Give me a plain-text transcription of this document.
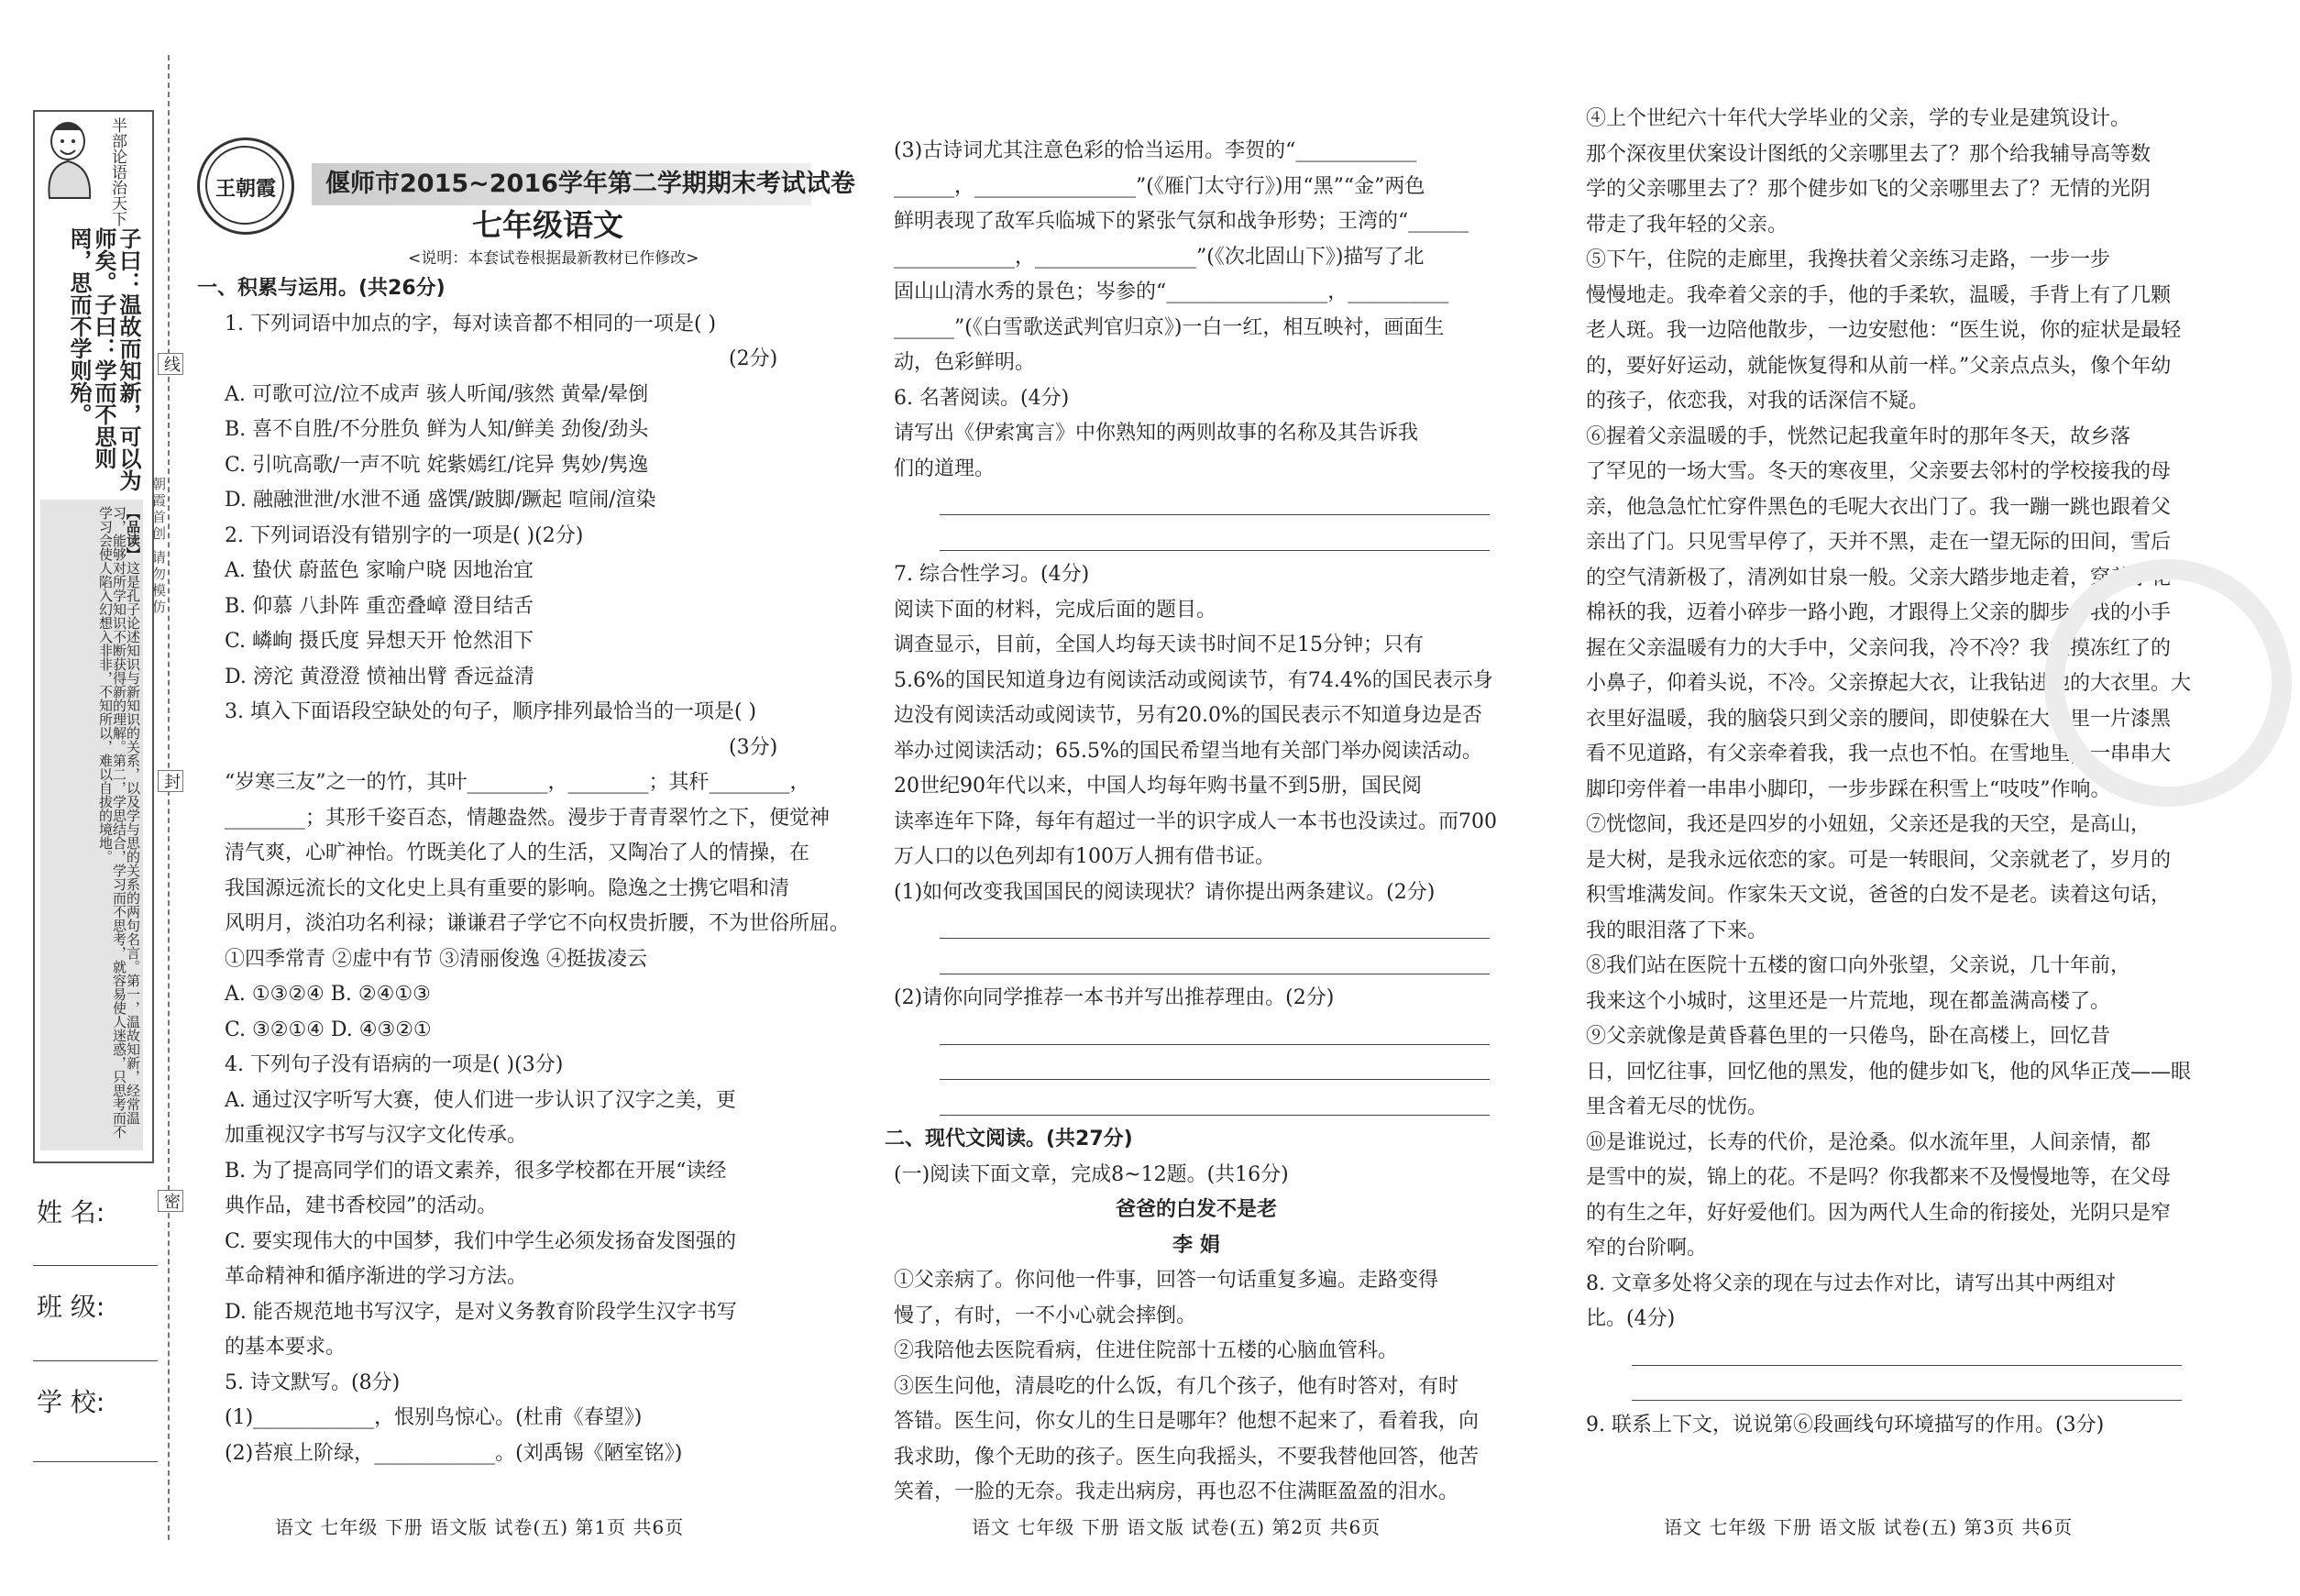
半部论语治天下
子曰：温故而知新，可以为师矣。子曰：学而不思则罔，思而不学则殆。
【品读】这是孔子论述知识与新知识的关系，以及学与思的关系的两句名言。第一，温故知新，经常温习，能够对所学知识不断获得新的理解。第二，学思结合，学习而不思考，就容易使人迷惑，只思考而不学习会使人陷入幻想入非非，不知所以，难以自拔的境地。
线
封
密
朝霞首创 请勿模仿
姓 名:
班 级:
学 校:
王朝霞	偃师市2015~2016学年第二学期期末考试试卷
七年级语文
<说明：本套试卷根据最新教材已作修改>
一、积累与运用。(共26分)
1. 下列词语中加点的字，每对读音都不相同的一项是( )
(2分)
A. 可歌可泣/泣不成声 骇人听闻/骇然 黄晕/晕倒
B. 喜不自胜/不分胜负 鲜为人知/鲜美 劲俊/劲头
C. 引吭高歌/一声不吭 姹紫嫣红/诧异 隽妙/隽逸
D. 融融泄泄/水泄不通 盛馔/跛脚/蹶起 喧闹/渲染
2. 下列词语没有错别字的一项是( )(2分)
A. 蛰伏 蔚蓝色 家喻户晓 因地治宜
B. 仰慕 八卦阵 重峦叠嶂 澄目结舌
C. 嶙峋 摄氏度 异想天开 怆然泪下
D. 滂沱 黄澄澄 愤袖出臂 香远益清
3. 填入下面语段空缺处的句子，顺序排列最恰当的一项是( )
(3分)
“岁寒三友”之一的竹，其叶________，________；其秆________，
________；其形千姿百态，情趣盎然。漫步于青青翠竹之下，便觉神
清气爽，心旷神怡。竹既美化了人的生活，又陶冶了人的情操，在
我国源远流长的文化史上具有重要的影响。隐逸之士携它唱和清
风明月，淡泊功名利禄；谦谦君子学它不向权贵折腰，不为世俗所屈。
①四季常青 ②虚中有节 ③清丽俊逸 ④挺拔凌云
A. ①③②④ B. ②④①③
C. ③②①④ D. ④③②①
4. 下列句子没有语病的一项是( )(3分)
A. 通过汉字听写大赛，使人们进一步认识了汉字之美，更
加重视汉字书写与汉字文化传承。
B. 为了提高同学们的语文素养，很多学校都在开展“读经
典作品，建书香校园”的活动。
C. 要实现伟大的中国梦，我们中学生必须发扬奋发图强的
革命精神和循序渐进的学习方法。
D. 能否规范地书写汉字，是对义务教育阶段学生汉字书写
的基本要求。
5. 诗文默写。(8分)
(1)____________，恨别鸟惊心。(杜甫《春望》)
(2)苔痕上阶绿，____________。(刘禹锡《陋室铭》)
(3)古诗词尤其注意色彩的恰当运用。李贺的“____________
______，________________”(《雁门太守行》)用“黑”“金”两色
鲜明表现了敌军兵临城下的紧张气氛和战争形势；王湾的“______
____________，________________”(《次北固山下》)描写了北
固山山清水秀的景色；岑参的“________________，__________
______”(《白雪歌送武判官归京》)一白一红，相互映衬，画面生
动，色彩鲜明。
6. 名著阅读。(4分)
请写出《伊索寓言》中你熟知的两则故事的名称及其告诉我
们的道理。
7. 综合性学习。(4分)
阅读下面的材料，完成后面的题目。
调查显示，目前，全国人均每天读书时间不足15分钟；只有
5.6%的国民知道身边有阅读活动或阅读节，有74.4%的国民表示身
边没有阅读活动或阅读节，另有20.0%的国民表示不知道身边是否
举办过阅读活动；65.5%的国民希望当地有关部门举办阅读活动。
20世纪90年代以来，中国人均每年购书量不到5册，国民阅
读率连年下降，每年有超过一半的识字成人一本书也没读过。而700
万人口的以色列却有100万人拥有借书证。
(1)如何改变我国国民的阅读现状？请你提出两条建议。(2分)
(2)请你向同学推荐一本书并写出推荐理由。(2分)
二、现代文阅读。(共27分)
(一)阅读下面文章，完成8~12题。(共16分)
爸爸的白发不是老
李 娟
①父亲病了。你问他一件事，回答一句话重复多遍。走路变得
慢了，有时，一不小心就会摔倒。
②我陪他去医院看病，住进住院部十五楼的心脑血管科。
③医生问他，清晨吃的什么饭，有几个孩子，他有时答对，有时
答错。医生问，你女儿的生日是哪年？他想不起来了，看着我，向
我求助，像个无助的孩子。医生向我摇头，不要我替他回答，他苦
笑着，一脸的无奈。我走出病房，再也忍不住满眶盈盈的泪水。
④上个世纪六十年代大学毕业的父亲，学的专业是建筑设计。
那个深夜里伏案设计图纸的父亲哪里去了？那个给我辅导高等数
学的父亲哪里去了？那个健步如飞的父亲哪里去了？无情的光阴
带走了我年轻的父亲。
⑤下午，住院的走廊里，我搀扶着父亲练习走路，一步一步
慢慢地走。我牵着父亲的手，他的手柔软，温暖，手背上有了几颗
老人斑。我一边陪他散步，一边安慰他：“医生说，你的症状是最轻
的，要好好运动，就能恢复得和从前一样。”父亲点点头，像个年幼
的孩子，依恋我，对我的话深信不疑。
⑥握着父亲温暖的手，恍然记起我童年时的那年冬天，故乡落
了罕见的一场大雪。冬天的寒夜里，父亲要去邻村的学校接我的母
亲，他急急忙忙穿件黑色的毛呢大衣出门了。我一蹦一跳也跟着父
亲出了门。只见雪早停了，天并不黑，走在一望无际的田间，雪后
的空气清新极了，清冽如甘泉一般。父亲大踏步地走着，穿着小花
棉袄的我，迈着小碎步一路小跑，才跟得上父亲的脚步。我的小手
握在父亲温暖有力的大手中，父亲问我，冷不冷？我摸摸冻红了的
小鼻子，仰着头说，不冷。父亲撩起大衣，让我钻进他的大衣里。大
衣里好温暖，我的脑袋只到父亲的腰间，即使躲在大衣里一片漆黑
看不见道路，有父亲牵着我，我一点也不怕。在雪地里，一串串大
脚印旁伴着一串串小脚印，一步步踩在积雪上“吱吱”作响。
⑦恍惚间，我还是四岁的小妞妞，父亲还是我的天空，是高山，
是大树，是我永远依恋的家。可是一转眼间，父亲就老了，岁月的
积雪堆满发间。作家朱天文说，爸爸的白发不是老。读着这句话，
我的眼泪落了下来。
⑧我们站在医院十五楼的窗口向外张望，父亲说，几十年前，
我来这个小城时，这里还是一片荒地，现在都盖满高楼了。
⑨父亲就像是黄昏暮色里的一只倦鸟，卧在高楼上，回忆昔
日，回忆往事，回忆他的黑发，他的健步如飞，他的风华正茂——眼
里含着无尽的忧伤。
⑩是谁说过，长寿的代价，是沧桑。似水流年里，人间亲情，都
是雪中的炭，锦上的花。不是吗？你我都来不及慢慢地等，在父母
的有生之年，好好爱他们。因为两代人生命的衔接处，光阴只是窄
窄的台阶啊。
8. 文章多处将父亲的现在与过去作对比，请写出其中两组对
比。(4分)
9. 联系上下文，说说第⑥段画线句环境描写的作用。(3分)
语文 七年级 下册 语文版 试卷(五) 第1页 共6页	语文 七年级 下册 语文版 试卷(五) 第2页 共6页	语文 七年级 下册 语文版 试卷(五) 第3页 共6页
